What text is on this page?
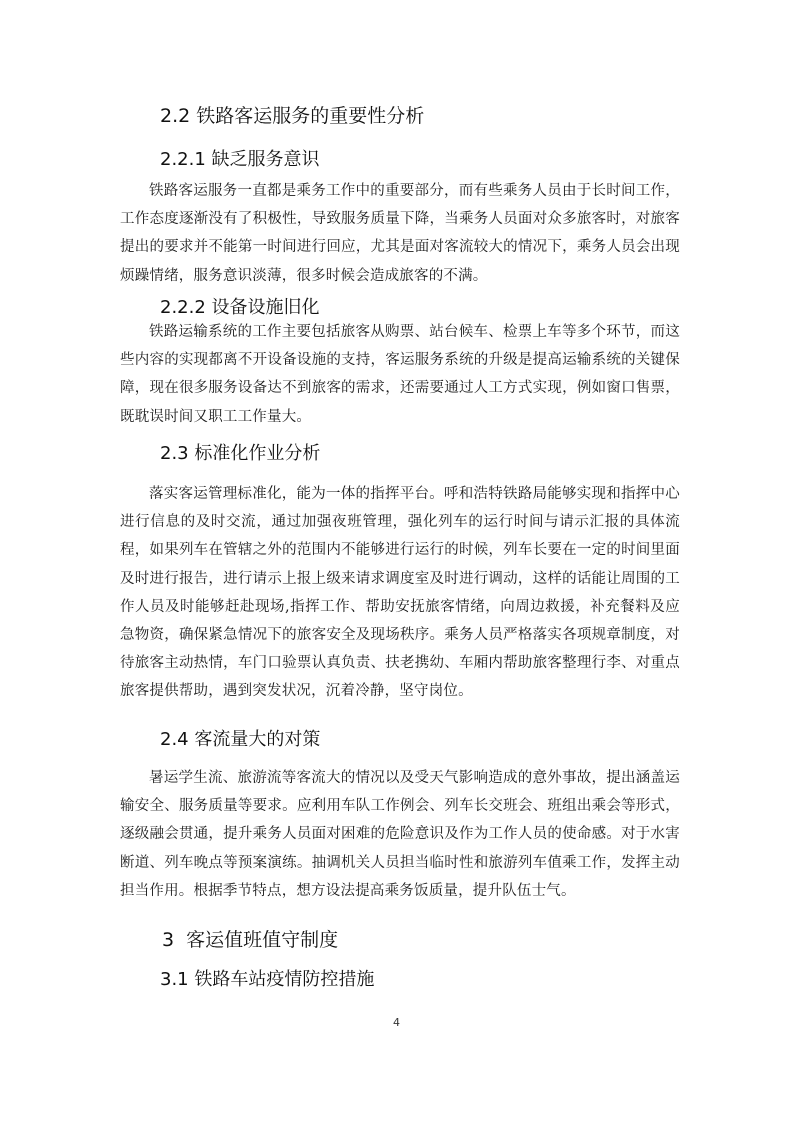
2.2 铁路客运服务的重要性分析
2.2.1 缺乏服务意识

铁路客运服务一直都是乘务工作中的重要部分，而有些乘务人员由于长时间工作，工作态度逐渐没有了积极性，导致服务质量下降，当乘务人员面对众多旅客时，对旅客提出的要求并不能第一时间进行回应，尤其是面对客流较大的情况下，乘务人员会出现烦躁情绪，服务意识淡薄，很多时候会造成旅客的不满。

2.2.2 设备设施旧化

铁路运输系统的工作主要包括旅客从购票、站台候车、检票上车等多个环节，而这些内容的实现都离不开设备设施的支持，客运服务系统的升级是提高运输系统的关键保障，现在很多服务设备达不到旅客的需求，还需要通过人工方式实现，例如窗口售票，既耽误时间又职工工作量大。

2.3 标准化作业分析

落实客运管理标准化，能为一体的指挥平台。呼和浩特铁路局能够实现和指挥中心进行信息的及时交流，通过加强夜班管理，强化列车的运行时间与请示汇报的具体流程，如果列车在管辖之外的范围内不能够进行运行的时候，列车长要在一定的时间里面及时进行报告，进行请示上报上级来请求调度室及时进行调动，这样的话能让周围的工作人员及时能够赶赴现场,指挥工作、帮助安抚旅客情绪，向周边救援，补充餐料及应急物资，确保紧急情况下的旅客安全及现场秩序。乘务人员严格落实各项规章制度，对待旅客主动热情，车门口验票认真负责、扶老携幼、车厢内帮助旅客整理行李、对重点旅客提供帮助，遇到突发状况，沉着冷静，坚守岗位。

2.4 客流量大的对策

暑运学生流、旅游流等客流大的情况以及受天气影响造成的意外事故，提出涵盖运输安全、服务质量等要求。应利用车队工作例会、列车长交班会、班组出乘会等形式，逐级融会贯通，提升乘务人员面对困难的危险意识及作为工作人员的使命感。对于水害断道、列车晚点等预案演练。抽调机关人员担当临时性和旅游列车值乘工作，发挥主动担当作用。根据季节特点，想方设法提高乘务饭质量，提升队伍士气。

3  客运值班值守制度
3.1 铁路车站疫情防控措施
4
